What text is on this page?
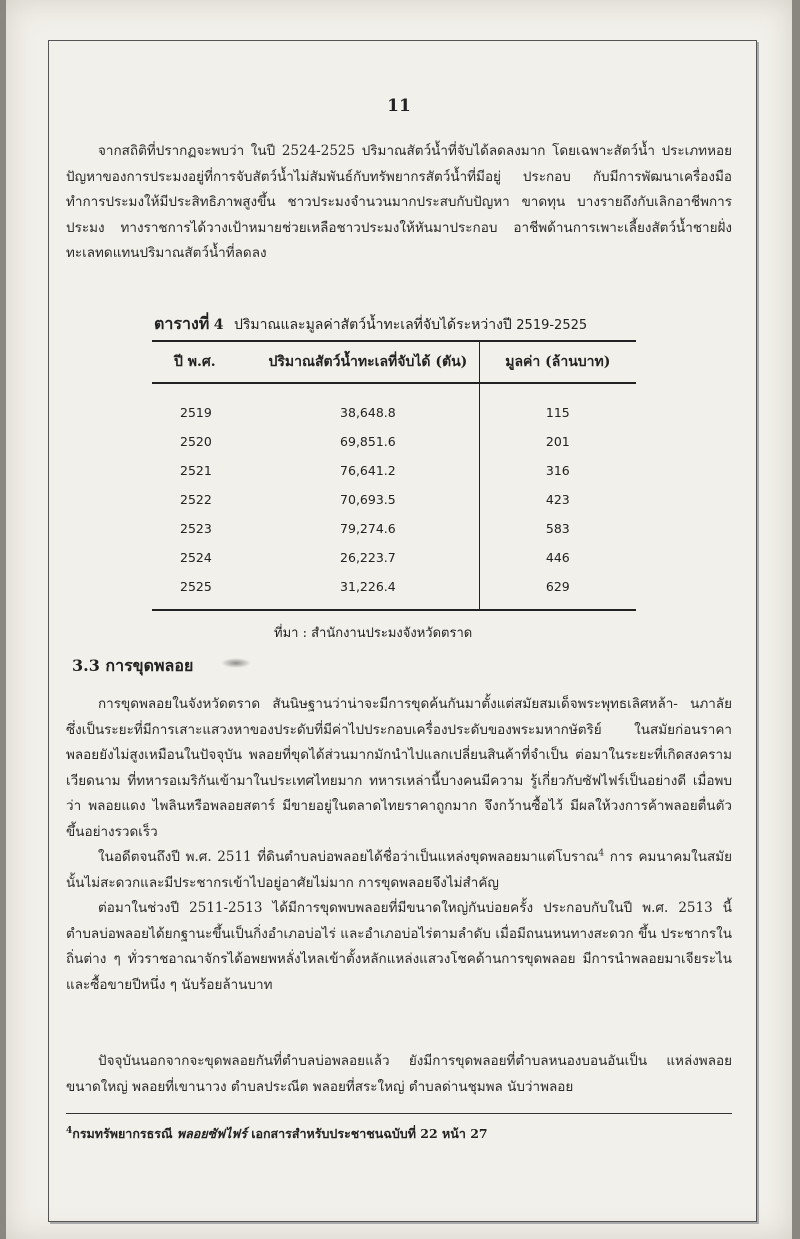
11

จากสถิติที่ปรากฏจะพบว่า ในปี 2524-2525 ปริมาณสัตว์น้ำที่จับได้ลดลงมาก โดยเฉพาะสัตว์น้ำ ประเภทหอย ปัญหาของการประมงอยู่ที่การจับสัตว์น้ำไม่สัมพันธ์กับทรัพยากรสัตว์น้ำที่มีอยู่ ประกอบ กับมีการพัฒนาเครื่องมือทำการประมงให้มีประสิทธิภาพสูงขึ้น ชาวประมงจำนวนมากประสบกับปัญหา ขาดทุน บางรายถึงกับเลิกอาชีพการประมง ทางราชการได้วางเป้าหมายช่วยเหลือชาวประมงให้หันมาประกอบ อาชีพด้านการเพาะเลี้ยงสัตว์น้ำชายฝั่งทะเลทดแทนปริมาณสัตว์น้ำที่ลดลง

ตารางที่ 4 ปริมาณและมูลค่าสัตว์น้ำทะเลที่จับได้ระหว่างปี 2519-2525
ปี พ.ศ.	ปริมาณสัตว์น้ำทะเลที่จับได้ (ตัน)	มูลค่า (ล้านบาท)
2519	38,648.8	115
2520	69,851.6	201
2521	76,641.2	316
2522	70,693.5	423
2523	79,274.6	583
2524	26,223.7	446
2525	31,226.4	629
ที่มา : สำนักงานประมงจังหวัดตราด
3.3 การขุดพลอย

การขุดพลอยในจังหวัดตราด สันนิษฐานว่าน่าจะมีการขุดค้นกันมาตั้งแต่สมัยสมเด็จพระพุทธเลิศหล้า- นภาลัย ซึ่งเป็นระยะที่มีการเสาะแสวงหาของประดับที่มีค่าไปประกอบเครื่องประดับของพระมหากษัตริย์ ในสมัยก่อนราคาพลอยยังไม่สูงเหมือนในปัจจุบัน พลอยที่ขุดได้ส่วนมากมักนำไปแลกเปลี่ยนสินค้าที่จำเป็น ต่อมาในระยะที่เกิดสงครามเวียดนาม ที่ทหารอเมริกันเข้ามาในประเทศไทยมาก ทหารเหล่านี้บางคนมีความ รู้เกี่ยวกับซัฟไฟร์เป็นอย่างดี เมื่อพบว่า พลอยแดง ไพลินหรือพลอยสตาร์ มีขายอยู่ในตลาดไทยราคาถูกมาก จึงกว้านซื้อไว้ มีผลให้วงการค้าพลอยตื่นตัวขึ้นอย่างรวดเร็ว

ในอดีตจนถึงปี พ.ศ. 2511 ที่ดินตำบลบ่อพลอยได้ชื่อว่าเป็นแหล่งขุดพลอยมาแต่โบราณ$^4$ การ คมนาคมในสมัยนั้นไม่สะดวกและมีประชากรเข้าไปอยู่อาศัยไม่มาก การขุดพลอยจึงไม่สำคัญ

ต่อมาในช่วงปี 2511-2513 ได้มีการขุดพบพลอยที่มีขนาดใหญ่กันบ่อยครั้ง ประกอบกับในปี พ.ศ. 2513 นี้ ตำบลบ่อพลอยได้ยกฐานะขึ้นเป็นกิ่งอำเภอบ่อไร่ และอำเภอบ่อไร่ตามลำดับ เมื่อมีถนนหนทางสะดวก ขึ้น ประชากรในถิ่นต่าง ๆ ทั่วราชอาณาจักรได้อพยพหลั่งไหลเข้าตั้งหลักแหล่งแสวงโชคด้านการขุดพลอย มีการนำพลอยมาเจียระไนและซื้อขายปีหนึ่ง ๆ นับร้อยล้านบาท

ปัจจุบันนอกจากจะขุดพลอยกันที่ตำบลบ่อพลอยแล้ว ยังมีการขุดพลอยที่ตำบลหนองบอนอันเป็น แหล่งพลอยขนาดใหญ่ พลอยที่เขานาวง ตำบลประณีต พลอยที่สระใหญ่ ตำบลด่านชุมพล นับว่าพลอย

$^4$กรมทรัพยากรธรณี พลอยซัฟไฟร์ เอกสารสำหรับประชาชนฉบับที่ 22 หน้า 27
